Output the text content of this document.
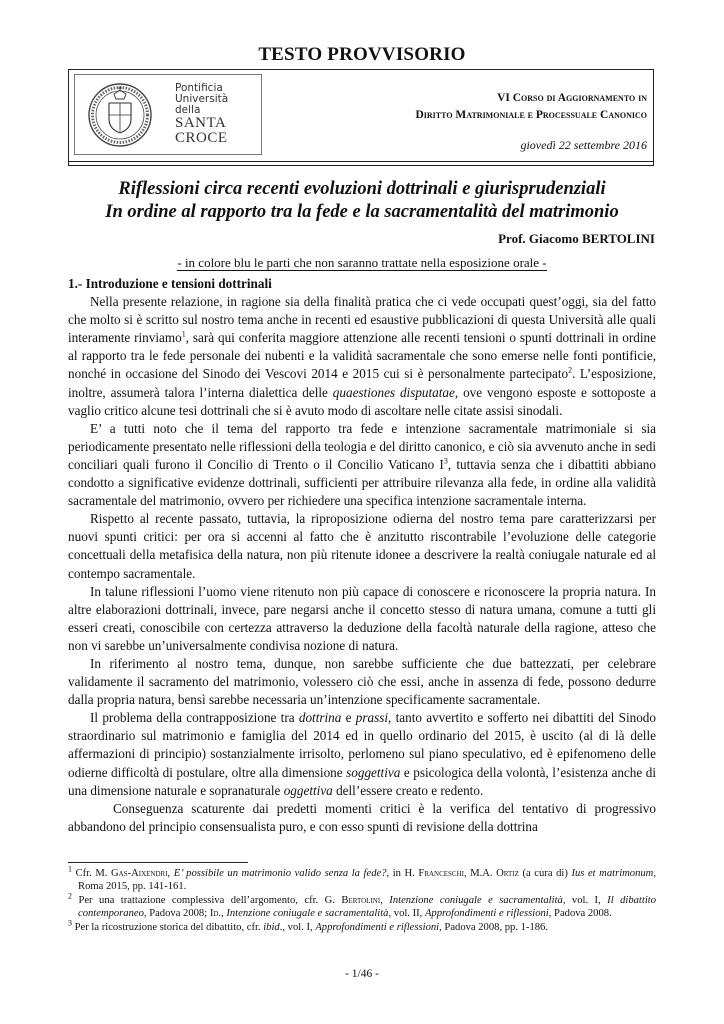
TESTO PROVVISORIO
Pontificia
Università
della
SANTA
CROCE
VI Corso di Aggiornamento in
Diritto Matrimoniale e Processuale Canonico
giovedì 22 settembre 2016
Riflessioni circa recenti evoluzioni dottrinali e giurisprudenziali
In ordine al rapporto tra la fede e la sacramentalità del matrimonio
Prof. Giacomo BERTOLINI
- in colore blu le parti che non saranno trattate nella esposizione orale -
1.- Introduzione e tensioni dottrinali

Nella presente relazione, in ragione sia della finalità pratica che ci vede occupati quest’oggi, sia del fatto che molto si è scritto sul nostro tema anche in recenti ed esaustive pubblicazioni di questa Università alle quali interamente rinviamo$^1$, sarà qui conferita maggiore attenzione alle recenti tensioni o spunti dottrinali in ordine al rapporto tra le fede personale dei nubenti e la validità sacramentale che sono emerse nelle fonti pontificie, nonché in occasione del Sinodo dei Vescovi 2014 e 2015 cui si è personalmente partecipato$^2$. L’esposizione, inoltre, assumerà talora l’interna dialettica delle quaestiones disputatae, ove vengono esposte e sottoposte a vaglio critico alcune tesi dottrinali che si è avuto modo di ascoltare nelle citate assisi sinodali.

E’ a tutti noto che il tema del rapporto tra fede e intenzione sacramentale matrimoniale si sia periodicamente presentato nelle riflessioni della teologia e del diritto canonico, e ciò sia avvenuto anche in sedi conciliari quali furono il Concilio di Trento o il Concilio Vaticano $I^3$, tuttavia senza che i dibattiti abbiano condotto a significative evidenze dottrinali, sufficienti per attribuire rilevanza alla fede, in ordine alla validità sacramentale del matrimonio, ovvero per richiedere una specifica intenzione sacramentale interna.

Rispetto al recente passato, tuttavia, la riproposizione odierna del nostro tema pare caratterizzarsi per nuovi spunti critici: per ora si accenni al fatto che è anzitutto riscontrabile l’evoluzione delle categorie concettuali della metafisica della natura, non più ritenute idonee a descrivere la realtà coniugale naturale ed al contempo sacramentale.

In talune riflessioni l’uomo viene ritenuto non più capace di conoscere e riconoscere la propria natura. In altre elaborazioni dottrinali, invece, pare negarsi anche il concetto stesso di natura umana, comune a tutti gli esseri creati, conoscibile con certezza attraverso la deduzione della facoltà naturale della ragione, atteso che non vi sarebbe un’universalmente condivisa nozione di natura.

In riferimento al nostro tema, dunque, non sarebbe sufficiente che due battezzati, per celebrare validamente il sacramento del matrimonio, volessero ciò che essi, anche in assenza di fede, possono dedurre dalla propria natura, bensì sarebbe necessaria un’intenzione specificamente sacramentale.

Il problema della contrapposizione tra dottrina e prassi, tanto avvertito e sofferto nei dibattiti del Sinodo straordinario sul matrimonio e famiglia del 2014 ed in quello ordinario del 2015, è uscito (al di là delle affermazioni di principio) sostanzialmente irrisolto, perlomeno sul piano speculativo, ed è epifenomeno delle odierne difficoltà di postulare, oltre alla dimensione soggettiva e psicologica della volontà, l’esistenza anche di una dimensione naturale e sopranaturale oggettiva dell’essere creato e redento.

Conseguenza scaturente dai predetti momenti critici è la verifica del tentativo di progressivo abbandono del principio consensualista puro, e con esso spunti di revisione della dottrina

$^1$ Cfr. M. Gas-Aixendri, E’ possibile un matrimonio valido senza la fede?, in H. Franceschi, M.A. Ortiz (a cura di) Ius et matrimonum, Roma 2015, pp. 141-161.

$^2$ Per una trattazione complessiva dell’argomento, cfr. G. Bertolini, Intenzione coniugale e sacramentalità, vol. I, Il dibattito contemporaneo, Padova 2008; Id., Intenzione coniugale e sacramentalità, vol. II, Approfondimenti e riflessioni, Padova 2008.

$^3$ Per la ricostruzione storica del dibattito, cfr. ibid., vol. I, Approfondimenti e riflessioni, Padova 2008, pp. 1-186.

- 1/46 -
